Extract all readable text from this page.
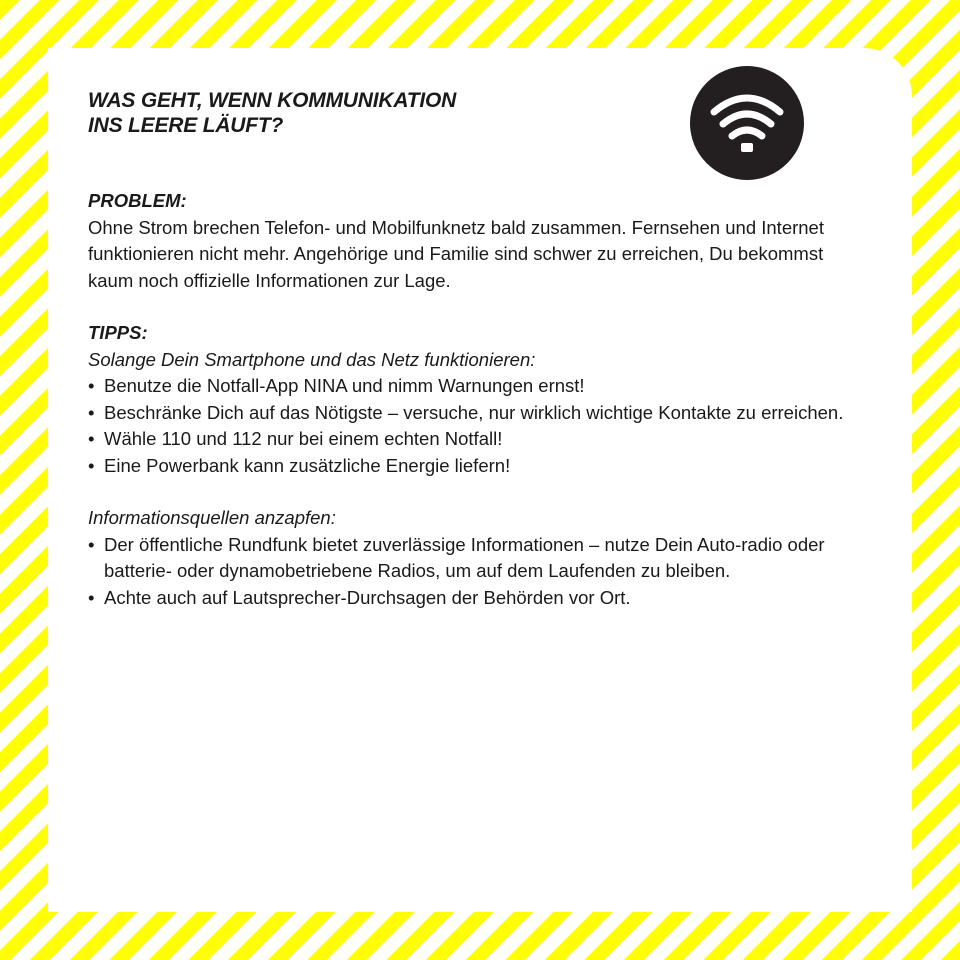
WAS GEHT, WENN KOMMUNIKATION
INS LEERE LÄUFT?

PROBLEM:

Ohne Strom brechen Telefon- und Mobilfunknetz bald zusammen. Fernsehen und Internet funktionieren nicht mehr. Angehörige und Familie sind schwer zu erreichen, Du bekommst kaum noch offizielle Informationen zur Lage.

TIPPS:

Solange Dein Smartphone und das Netz funktionieren:

• Benutze die Notfall-App NINA und nimm Warnungen ernst!
• Beschränke Dich auf das Nötigste – versuche, nur wirklich wichtige Kontakte zu erreichen.
• Wähle 110 und 112 nur bei einem echten Notfall!
• Eine Powerbank kann zusätzliche Energie liefern!

Informationsquellen anzapfen:

• Der öffentliche Rundfunk bietet zuverlässige Informationen – nutze Dein Auto-radio oder batterie- oder dynamobetriebene Radios, um auf dem Laufenden zu bleiben.
• Achte auch auf Lautsprecher-Durchsagen der Behörden vor Ort.
